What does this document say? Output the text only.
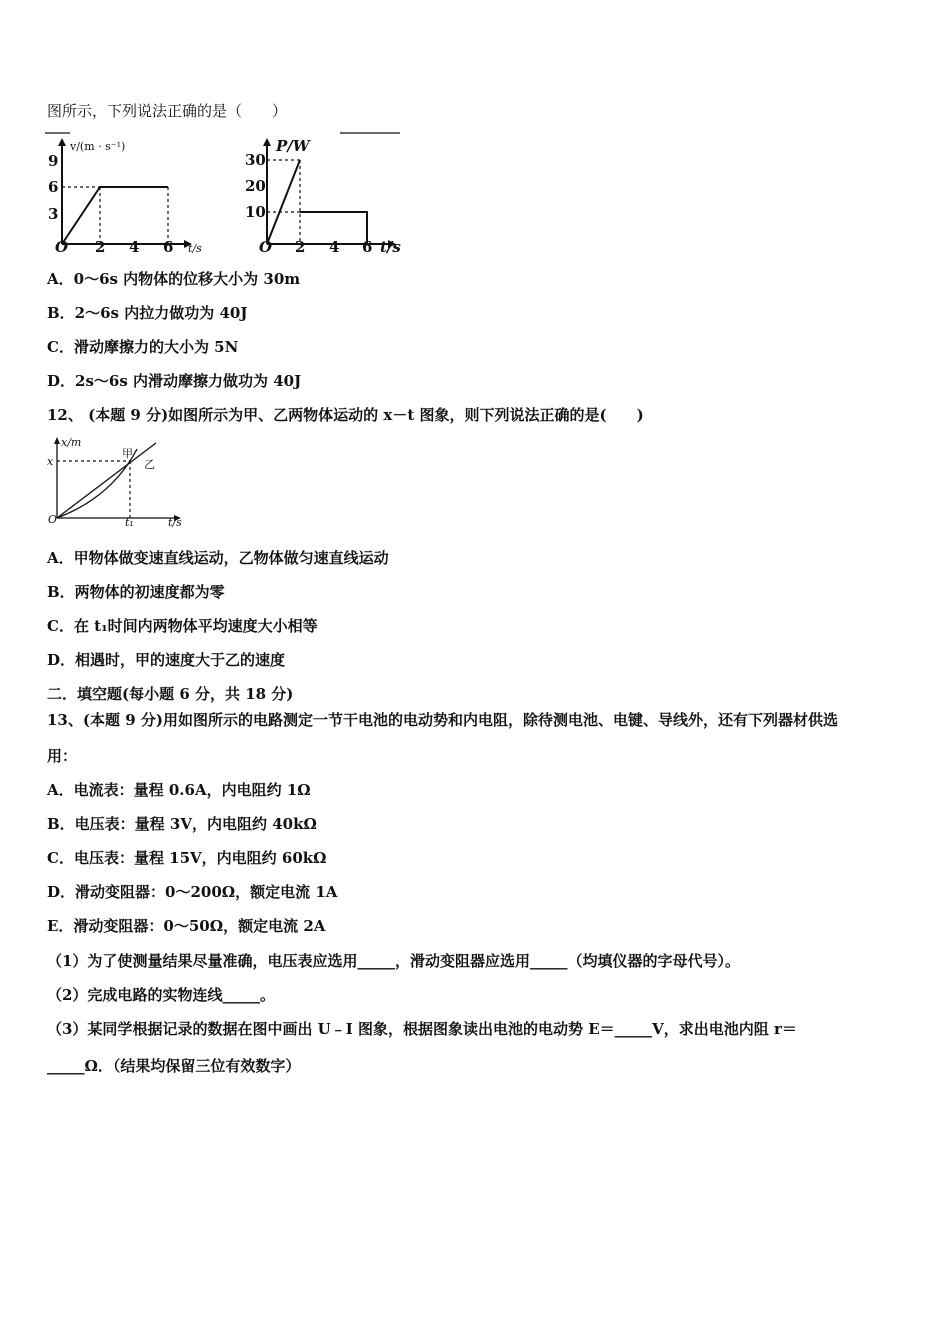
图所示，下列说法正确的是（　　）
v/(m · s⁻¹)
9
6
3
O 2 4 6 t/s
P/W
30
20
10
O 2 4 6 t/s
A．0～6s 内物体的位移大小为 30m
B．2～6s 内拉力做功为 40J
C．滑动摩擦力的大小为 5N
D．2s～6s 内滑动摩擦力做功为 40J
12、 (本题 9 分)如图所示为甲、乙两物体运动的 x－t 图象，则下列说法正确的是(　　)
x/m
x
O	t₁	t/s
甲
乙
A．甲物体做变速直线运动，乙物体做匀速直线运动
B．两物体的初速度都为零
C．在 t₁时间内两物体平均速度大小相等
D．相遇时，甲的速度大于乙的速度
二．填空题(每小题 6 分，共 18 分)
13、(本题 9 分)用如图所示的电路测定一节干电池的电动势和内电阻，除待测电池、电键、导线外，还有下列器材供选
用：
A．电流表：量程 0.6A，内电阻约 1Ω
B．电压表：量程 3V，内电阻约 40kΩ
C．电压表：量程 15V，内电阻约 60kΩ
D．滑动变阻器：0～200Ω，额定电流 1A
E．滑动变阻器：0～50Ω，额定电流 2A
（1）为了使测量结果尽量准确，电压表应选用_____，滑动变阻器应选用_____（均填仪器的字母代号）。
（2）完成电路的实物连线_____。
（3）某同学根据记录的数据在图中画出 U﹣I 图象，根据图象读出电池的电动势 E＝_____V，求出电池内阻 r＝
_____Ω．（结果均保留三位有效数字）
